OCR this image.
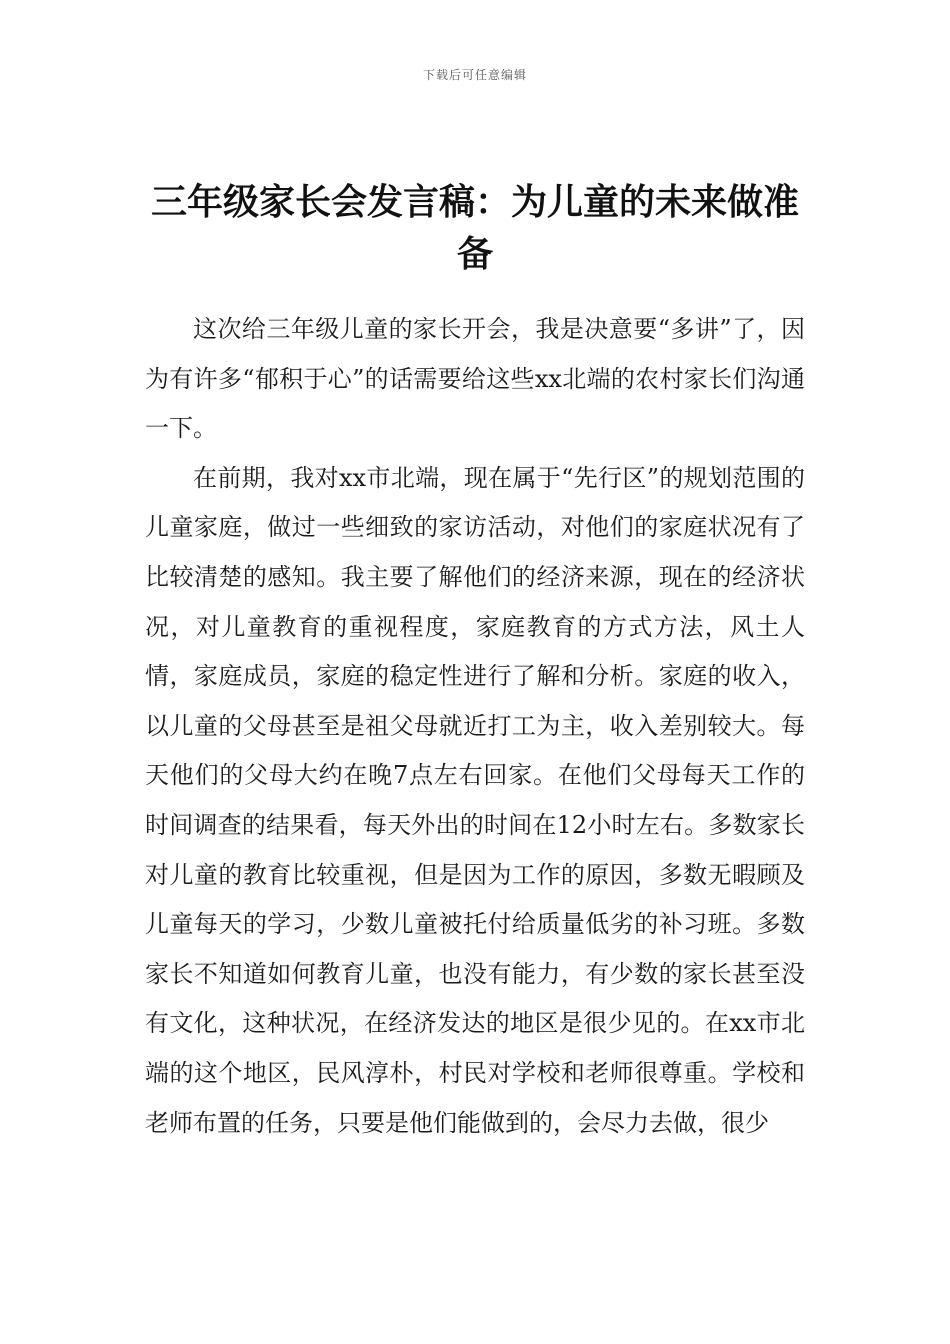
下载后可任意编辑
三年级家长会发言稿：为儿童的未来做准备

这次给三年级儿童的家长开会，我是决意要“多讲”了，因为有许多“郁积于心”的话需要给这些xx北端的农村家长们沟通一下。

在前期，我对xx市北端，现在属于“先行区”的规划范围的儿童家庭，做过一些细致的家访活动，对他们的家庭状况有了比较清楚的感知。我主要了解他们的经济来源，现在的经济状况，对儿童教育的重视程度，家庭教育的方式方法，风土人情，家庭成员，家庭的稳定性进行了解和分析。家庭的收入，以儿童的父母甚至是祖父母就近打工为主，收入差别较大。每天他们的父母大约在晚7点左右回家。在他们父母每天工作的时间调查的结果看，每天外出的时间在12小时左右。多数家长对儿童的教育比较重视，但是因为工作的原因，多数无暇顾及儿童每天的学习，少数儿童被托付给质量低劣的补习班。多数家长不知道如何教育儿童，也没有能力，有少数的家长甚至没有文化，这种状况，在经济发达的地区是很少见的。在xx市北端的这个地区，民风淳朴，村民对学校和老师很尊重。学校和老师布置的任务，只要是他们能做到的，会尽力去做，很少
